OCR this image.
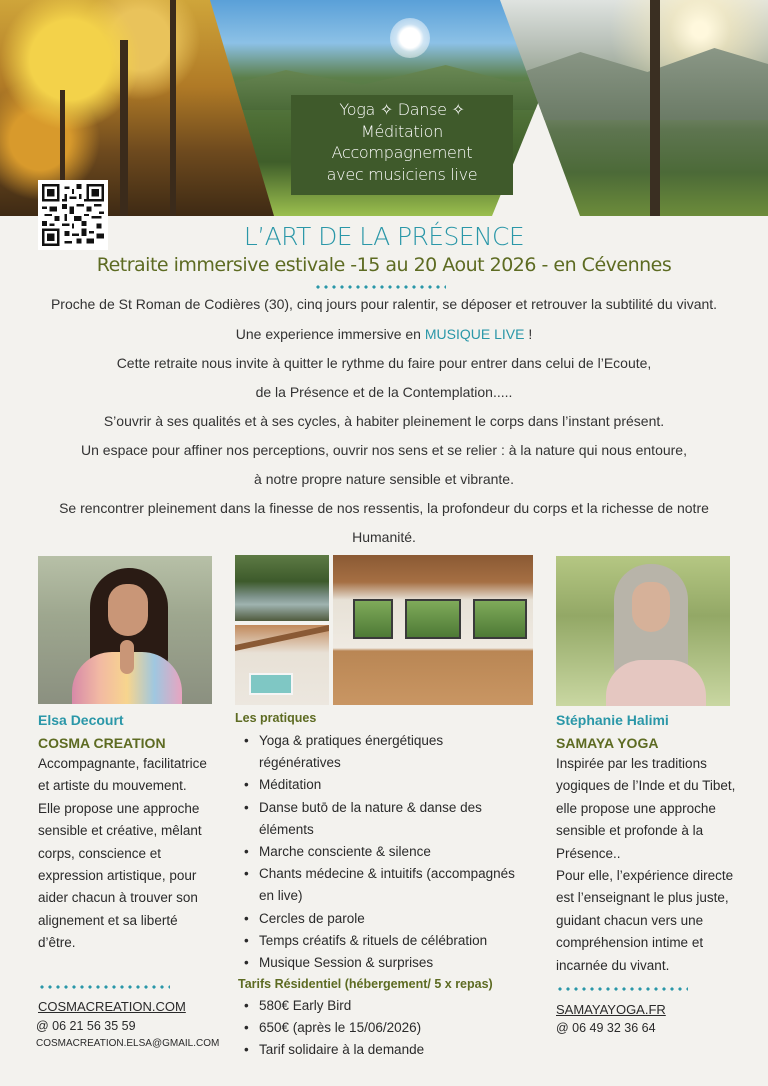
Yoga ✧ Danse ✧
Méditation
Accompagnement
avec musiciens live
L’ART DE LA PRÉSENCE
Retraite immersive estivale -15 au 20 Aout 2026 - en Cévennes

Proche de St Roman de Codières (30), cinq jours pour ralentir, se déposer et retrouver la subtilité du vivant.

Une experience immersive en MUSIQUE LIVE !

Cette retraite nous invite à quitter le rythme du faire pour entrer dans celui de l’Ecoute,

de la Présence et de la Contemplation.....

S’ouvrir à ses qualités et à ses cycles, à habiter pleinement le corps dans l’instant présent.

Un espace pour affiner nos perceptions, ouvrir nos sens et se relier : à la nature qui nous entoure,

à notre propre nature sensible et vibrante.

Se rencontrer pleinement dans la finesse de nos ressentis, la profondeur du corps et la richesse de notre

Humanité.

Elsa Decourt
COSMA CREATION
Accompagnante, facilitatrice
et artiste du mouvement.
Elle propose une approche
sensible et créative, mêlant
corps, conscience et
expression artistique, pour
aider chacun à trouver son
alignement et sa liberté
d’être.
COSMACREATION.COM
@ 06 21 56 35 59
COSMACREATION.ELSA@GMAIL.COM
Les pratiques
• Yoga & pratiques énergétiques
régénératives
• Méditation
• Danse butō de la nature & danse des
éléments
• Marche consciente & silence
• Chants médecine & intuitifs (accompagnés
en live)
• Cercles de parole
• Temps créatifs & rituels de célébration
• Musique Session & surprises
Tarifs Résidentiel (hébergement/ 5 x repas)
• 580€ Early Bird
• 650€ (après le 15/06/2026)
• Tarif solidaire à la demande
Stéphanie Halimi
SAMAYA YOGA
Inspirée par les traditions
yogiques de l’Inde et du Tibet,
elle propose une approche
sensible et profonde à la
Présence..
Pour elle, l’expérience directe
est l’enseignant le plus juste,
guidant chacun vers une
compréhension intime et
incarnée du vivant.
SAMAYAYOGA.FR
@ 06 49 32 36 64
